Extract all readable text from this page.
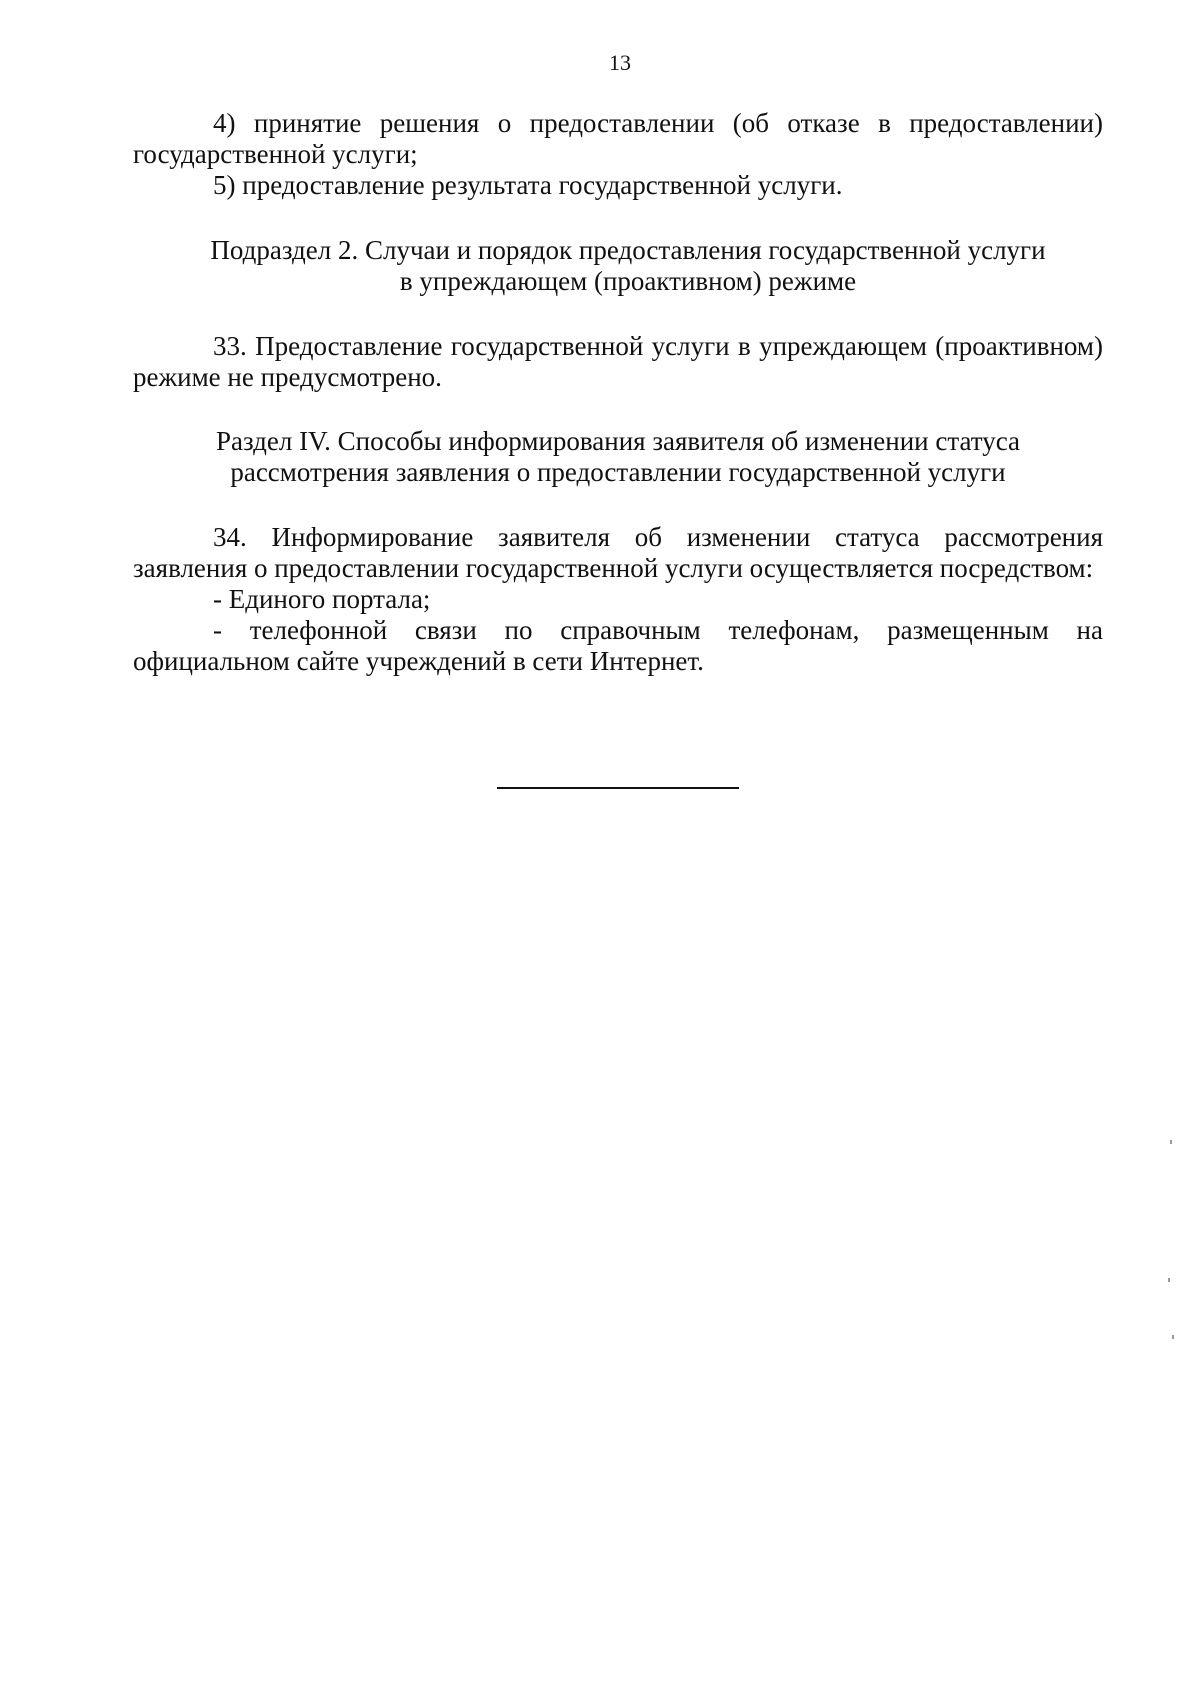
13

4) принятие решения о предоставлении (об отказе в предоставлении) государственной услуги;

5) предоставление результата государственной услуги.

Подраздел 2. Случаи и порядок предоставления государственной услуги

в упреждающем (проактивном) режиме

33. Предоставление государственной услуги в упреждающем (проактивном) режиме не предусмотрено.

Раздел IV. Способы информирования заявителя об изменении статуса

рассмотрения заявления о предоставлении государственной услуги

34. Информирование заявителя об изменении статуса рассмотрения заявления о предоставлении государственной услуги осуществляется посредством:

- Единого портала;

- телефонной связи по справочным телефонам, размещенным на официальном сайте учреждений в сети Интернет.
